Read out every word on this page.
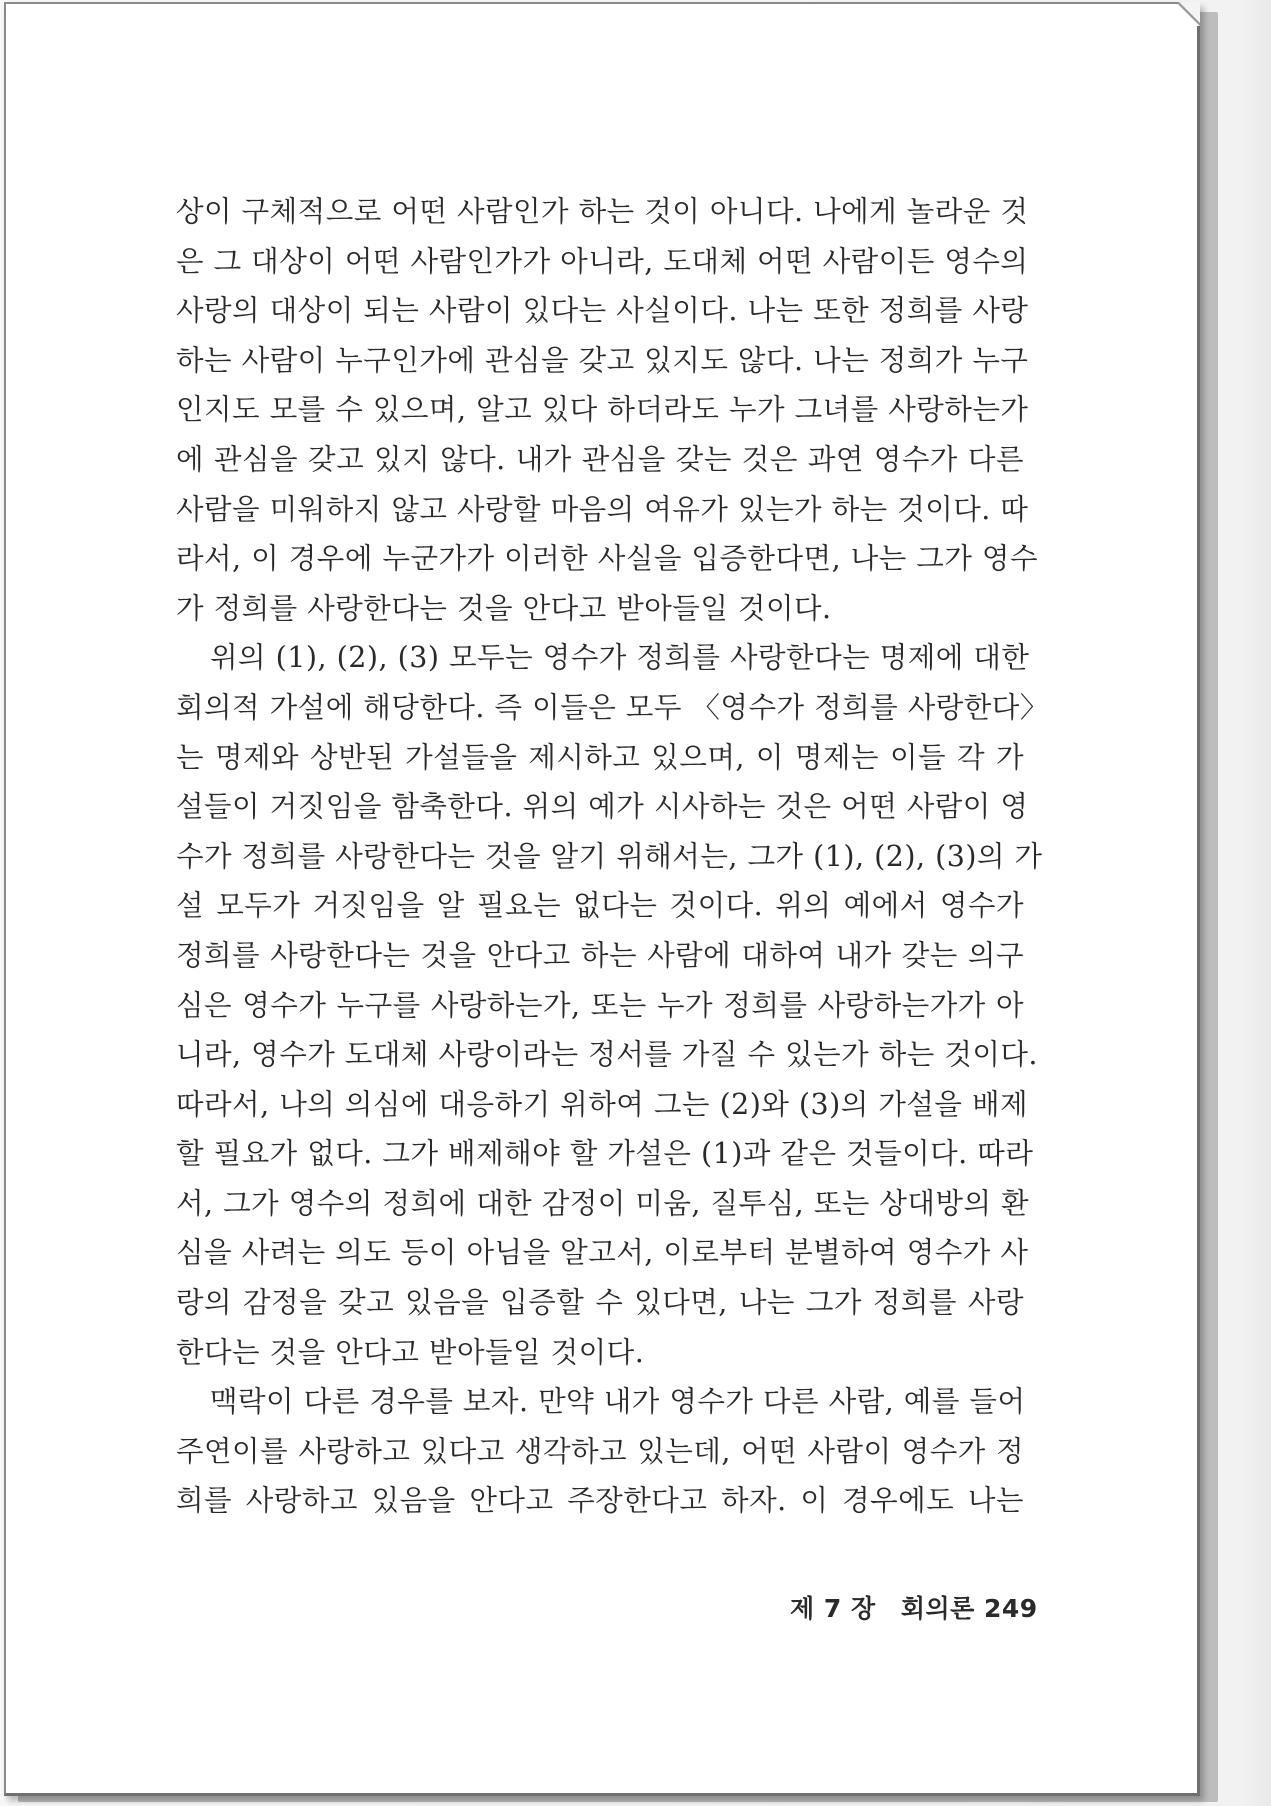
상이 구체적으로 어떤 사람인가 하는 것이 아니다. 나에게 놀라운 것
은 그 대상이 어떤 사람인가가 아니라, 도대체 어떤 사람이든 영수의
사랑의 대상이 되는 사람이 있다는 사실이다. 나는 또한 정희를 사랑
하는 사람이 누구인가에 관심을 갖고 있지도 않다. 나는 정희가 누구
인지도 모를 수 있으며, 알고 있다 하더라도 누가 그녀를 사랑하는가
에 관심을 갖고 있지 않다. 내가 관심을 갖는 것은 과연 영수가 다른
사람을 미워하지 않고 사랑할 마음의 여유가 있는가 하는 것이다. 따
라서, 이 경우에 누군가가 이러한 사실을 입증한다면, 나는 그가 영수
가 정희를 사랑한다는 것을 안다고 받아들일 것이다.
위의 (1), (2), (3) 모두는 영수가 정희를 사랑한다는 명제에 대한
회의적 가설에 해당한다. 즉 이들은 모두 〈영수가 정희를 사랑한다〉
는 명제와 상반된 가설들을 제시하고 있으며, 이 명제는 이들 각 가
설들이 거짓임을 함축한다. 위의 예가 시사하는 것은 어떤 사람이 영
수가 정희를 사랑한다는 것을 알기 위해서는, 그가 (1), (2), (3)의 가
설 모두가 거짓임을 알 필요는 없다는 것이다. 위의 예에서 영수가
정희를 사랑한다는 것을 안다고 하는 사람에 대하여 내가 갖는 의구
심은 영수가 누구를 사랑하는가, 또는 누가 정희를 사랑하는가가 아
니라, 영수가 도대체 사랑이라는 정서를 가질 수 있는가 하는 것이다.
따라서, 나의 의심에 대응하기 위하여 그는 (2)와 (3)의 가설을 배제
할 필요가 없다. 그가 배제해야 할 가설은 (1)과 같은 것들이다. 따라
서, 그가 영수의 정희에 대한 감정이 미움, 질투심, 또는 상대방의 환
심을 사려는 의도 등이 아님을 알고서, 이로부터 분별하여 영수가 사
랑의 감정을 갖고 있음을 입증할 수 있다면, 나는 그가 정희를 사랑
한다는 것을 안다고 받아들일 것이다.
맥락이 다른 경우를 보자. 만약 내가 영수가 다른 사람, 예를 들어
주연이를 사랑하고 있다고 생각하고 있는데, 어떤 사람이 영수가 정
희를 사랑하고 있음을 안다고 주장한다고 하자. 이 경우에도 나는
제 7 장 회의론 249
